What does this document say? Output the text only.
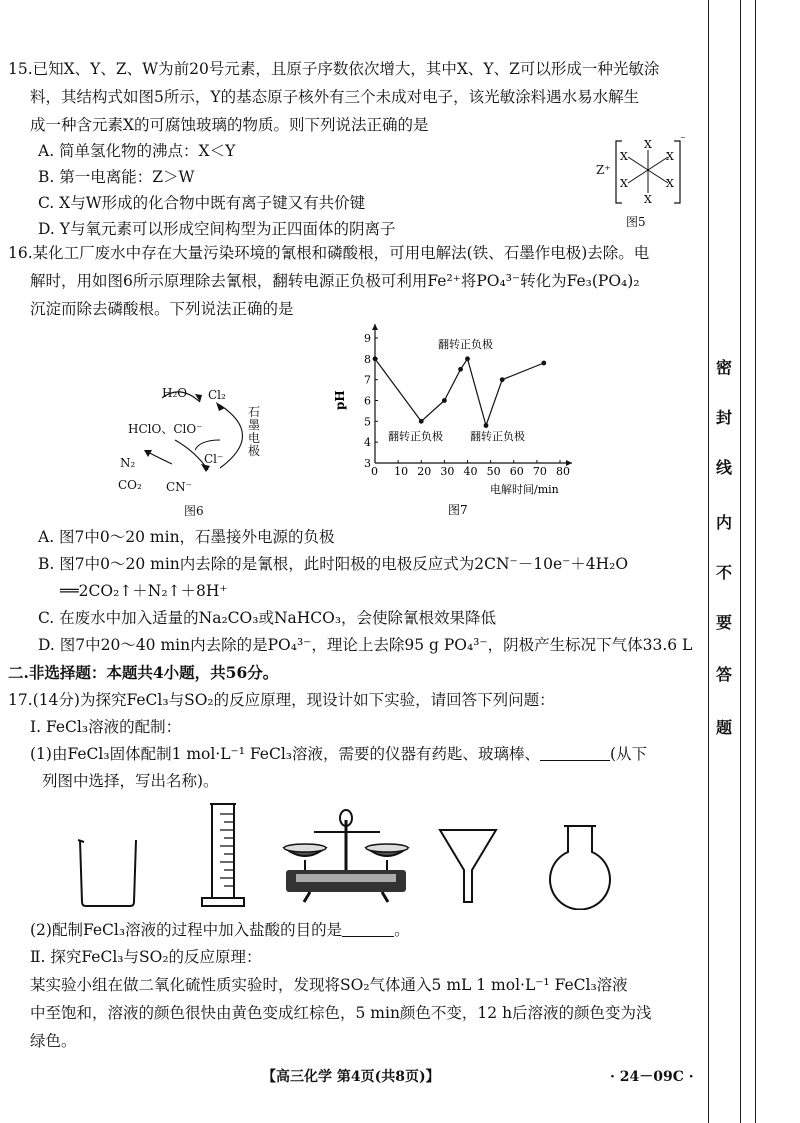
密
封
线
内
不
要
答
题
15.已知X、Y、Z、W为前20号元素，且原子序数依次增大，其中X、Y、Z可以形成一种光敏涂
料，其结构式如图5所示，Y的基态原子核外有三个未成对电子，该光敏涂料遇水易水解生
成一种含元素X的可腐蚀玻璃的物质。则下列说法正确的是
A. 简单氢化物的沸点：X＜Y
B. 第一电离能：Z＞W
C. X与W形成的化合物中既有离子键又有共价键
D. Y与氧元素可以形成空间构型为正四面体的阴离子
X
X	X
X	X
X
⁻
Z⁺
图5
16.某化工厂废水中存在大量污染环境的氰根和磷酸根，可用电解法(铁、石墨作电极)去除。电
解时，用如图6所示原理除去氰根，翻转电源正负极可利用Fe²⁺将PO₄³⁻转化为Fe₃(PO₄)₂
沉淀而除去磷酸根。下列说法正确的是
H₂O Cl₂
HClO、ClO⁻
Cl⁻
N₂
CO₂ CN⁻
石墨电极
图6
0 10 20 30 40 50 60 70 80
3
4
5
6
7
8
9
pH
电解时间/min
翻转正负极
翻转正负极 翻转正负极
图7
A. 图7中0～20 min，石墨接外电源的负极
B. 图7中0～20 min内去除的是氰根，此时阳极的电极反应式为2CN⁻－10e⁻＋4H₂O
══2CO₂↑＋N₂↑＋8H⁺
C. 在废水中加入适量的Na₂CO₃或NaHCO₃，会使除氰根效果降低
D. 图7中20～40 min内去除的是PO₄³⁻，理论上去除95 g PO₄³⁻，阴极产生标况下气体33.6 L
二.非选择题：本题共4小题，共56分。
17.(14分)为探究FeCl₃与SO₂的反应原理，现设计如下实验，请回答下列问题：
Ⅰ. FeCl₃溶液的配制：
(1)由FeCl₃固体配制1 mol·L⁻¹ FeCl₃溶液，需要的仪器有药匙、玻璃棒、	(从下
列图中选择，写出名称)。
(2)配制FeCl₃溶液的过程中加入盐酸的目的是	。
Ⅱ. 探究FeCl₃与SO₂的反应原理：
某实验小组在做二氧化硫性质实验时，发现将SO₂气体通入5 mL 1 mol·L⁻¹ FeCl₃溶液
中至饱和，溶液的颜色很快由黄色变成红棕色，5 min颜色不变，12 h后溶液的颜色变为浅
绿色。
【高三化学 第4页(共8页)】	· 24－09C ·
